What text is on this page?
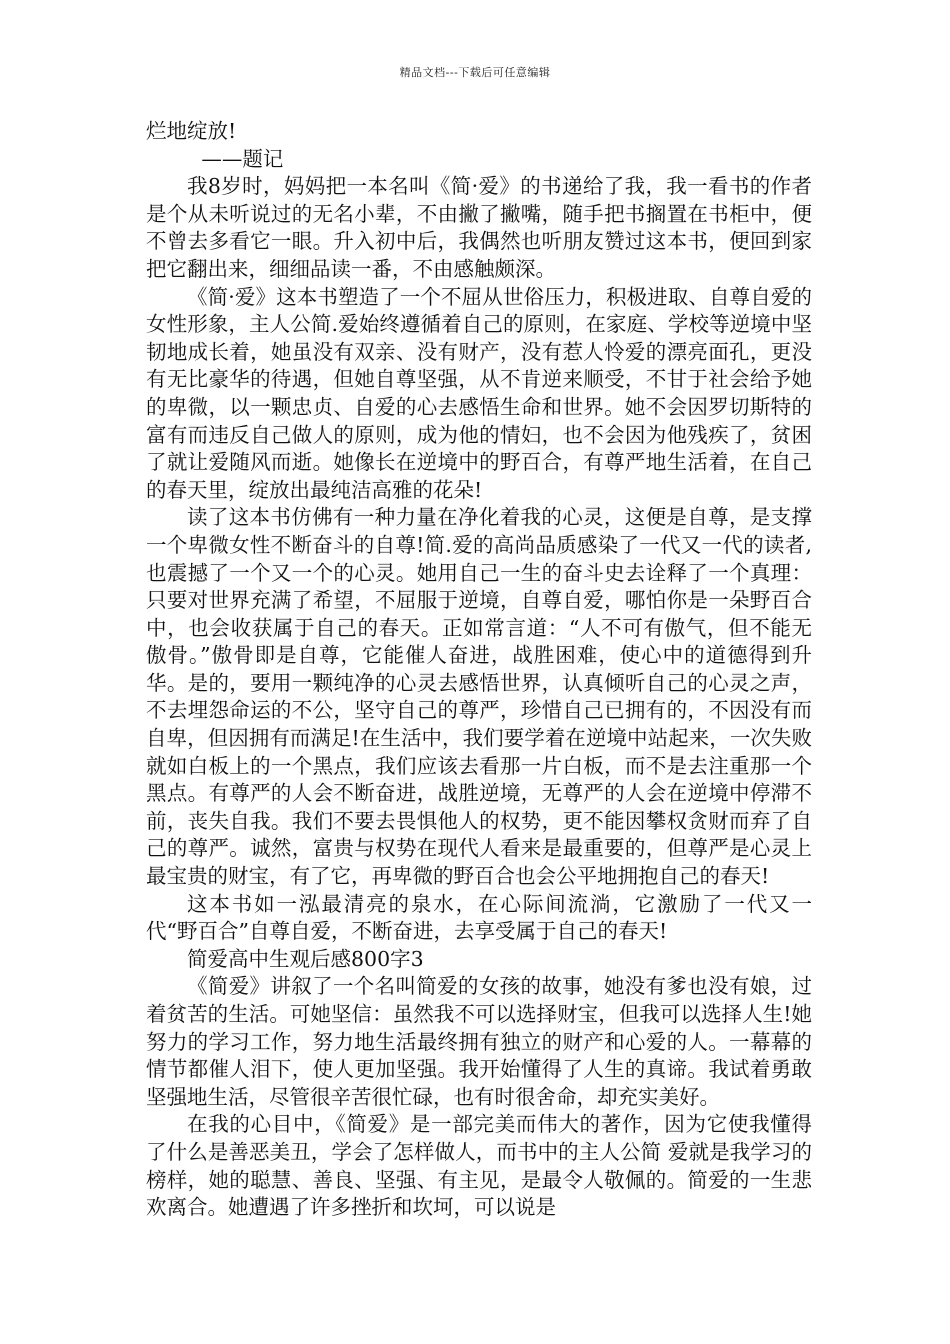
精品文档---下载后可任意编辑

烂地绽放!

——题记

我8岁时，妈妈把一本名叫《简·爱》的书递给了我，我一看书的作者是个从未听说过的无名小辈，不由撇了撇嘴，随手把书搁置在书柜中，便不曾去多看它一眼。升入初中后，我偶然也听朋友赞过这本书，便回到家把它翻出来，细细品读一番，不由感触颇深。

《简·爱》这本书塑造了一个不屈从世俗压力，积极进取、自尊自爱的女性形象，主人公简.爱始终遵循着自己的原则，在家庭、学校等逆境中坚韧地成长着，她虽没有双亲、没有财产，没有惹人怜爱的漂亮面孔，更没有无比豪华的待遇，但她自尊坚强，从不肯逆来顺受，不甘于社会给予她的卑微，以一颗忠贞、自爱的心去感悟生命和世界。她不会因罗切斯特的富有而违反自己做人的原则，成为他的情妇，也不会因为他残疾了，贫困了就让爱随风而逝。她像长在逆境中的野百合，有尊严地生活着，在自己的春天里，绽放出最纯洁高雅的花朵!

读了这本书仿佛有一种力量在净化着我的心灵，这便是自尊，是支撑一个卑微女性不断奋斗的自尊!简.爱的高尚品质感染了一代又一代的读者,也震撼了一个又一个的心灵。她用自己一生的奋斗史去诠释了一个真理：只要对世界充满了希望，不屈服于逆境，自尊自爱，哪怕你是一朵野百合中，也会收获属于自己的春天。正如常言道：“人不可有傲气，但不能无傲骨。”傲骨即是自尊，它能催人奋进，战胜困难，使心中的道德得到升华。是的，要用一颗纯净的心灵去感悟世界，认真倾听自己的心灵之声，不去埋怨命运的不公，坚守自己的尊严，珍惜自己已拥有的，不因没有而自卑，但因拥有而满足!在生活中，我们要学着在逆境中站起来，一次失败就如白板上的一个黑点，我们应该去看那一片白板，而不是去注重那一个黑点。有尊严的人会不断奋进，战胜逆境，无尊严的人会在逆境中停滞不前，丧失自我。我们不要去畏惧他人的权势，更不能因攀权贪财而弃了自己的尊严。诚然，富贵与权势在现代人看来是最重要的，但尊严是心灵上最宝贵的财宝，有了它，再卑微的野百合也会公平地拥抱自己的春天!

这本书如一泓最清亮的泉水，在心际间流淌，它激励了一代又一代“野百合”自尊自爱，不断奋进，去享受属于自己的春天!

简爱高中生观后感800字3

《简爱》讲叙了一个名叫简爱的女孩的故事，她没有爹也没有娘，过着贫苦的生活。可她坚信：虽然我不可以选择财宝，但我可以选择人生!她努力的学习工作，努力地生活最终拥有独立的财产和心爱的人。一幕幕的情节都催人泪下，使人更加坚强。我开始懂得了人生的真谛。我试着勇敢坚强地生活，尽管很辛苦很忙碌，也有时很舍命，却充实美好。

在我的心目中，《简爱》是一部完美而伟大的著作，因为它使我懂得了什么是善恶美丑，学会了怎样做人，而书中的主人公简 爱就是我学习的榜样，她的聪慧、善良、坚强、有主见，是最令人敬佩的。简爱的一生悲欢离合。她遭遇了许多挫折和坎坷，可以说是
